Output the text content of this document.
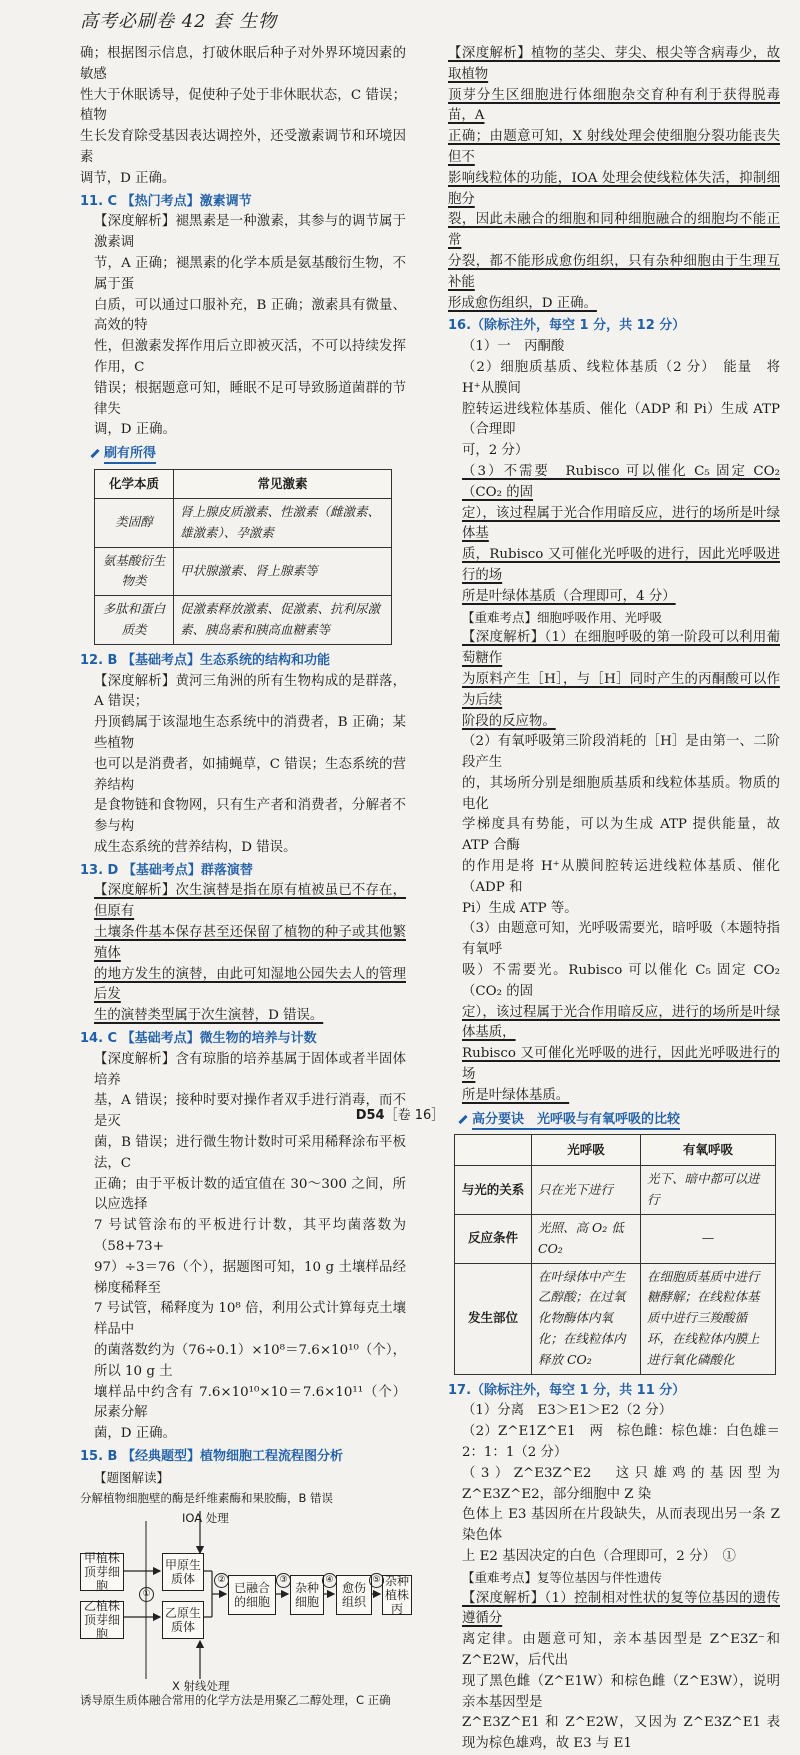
高考必刷卷 42 套 生物

确；根据图示信息，打破休眠后种子对外界环境因素的敏感

性大于休眠诱导，促使种子处于非休眠状态，C 错误；植物

生长发育除受基因表达调控外，还受激素调节和环境因素

调节，D 正确。

11. C 【热门考点】激素调节

【深度解析】褪黑素是一种激素，其参与的调节属于激素调

节，A 正确；褪黑素的化学本质是氨基酸衍生物，不属于蛋

白质，可以通过口服补充，B 正确；激素具有微量、高效的特

性，但激素发挥作用后立即被灭活，不可以持续发挥作用，C

错误；根据题意可知，睡眠不足可导致肠道菌群的节律失

调，D 正确。

刷有所得
化学本质	常见激素
类固醇	肾上腺皮质激素、性激素（雌激素、雄激素）、孕激素
氨基酸衍生物类	甲状腺激素、肾上腺素等
多肽和蛋白质类	促激素释放激素、促激素、抗利尿激素、胰岛素和胰高血糖素等

12. B 【基础考点】生态系统的结构和功能

【深度解析】黄河三角洲的所有生物构成的是群落，A 错误；

丹顶鹤属于该湿地生态系统中的消费者，B 正确；某些植物

也可以是消费者，如捕蝇草，C 错误；生态系统的营养结构

是食物链和食物网，只有生产者和消费者，分解者不参与构

成生态系统的营养结构，D 错误。

13. D 【基础考点】群落演替

【深度解析】次生演替是指在原有植被虽已不存在，但原有

土壤条件基本保存甚至还保留了植物的种子或其他繁殖体

的地方发生的演替，由此可知湿地公园失去人的管理后发

生的演替类型属于次生演替，D 错误。

14. C 【基础考点】微生物的培养与计数

【深度解析】含有琼脂的培养基属于固体或者半固体培养

基，A 错误；接种时要对操作者双手进行消毒，而不是灭

菌，B 错误；进行微生物计数时可采用稀释涂布平板法，C

正确；由于平板计数的适宜值在 30～300 之间，所以应选择

7 号试管涂布的平板进行计数，其平均菌落数为（58+73+

97）÷3＝76（个），据题图可知，10 g 土壤样品经梯度稀释至

7 号试管，稀释度为 10⁸ 倍，利用公式计算每克土壤样品中

的菌落数约为（76÷0.1）×10⁸＝7.6×10¹⁰（个），所以 10 g 土

壤样品中约含有 7.6×10¹⁰×10＝7.6×10¹¹（个）尿素分解

菌，D 正确。

15. B 【经典题型】植物细胞工程流程图分析

【题图解读】

分解植物细胞壁的酶是纤维素酶和果胶酶，B 错误
IOA 处理
甲植株顶芽细胞
甲原生质体
乙植株顶芽细胞
乙原生质体
已融合的细胞
杂种细胞
愈伤组织
杂种植株丙
①
②	③	④	⑤
X 射线处理
诱导原生质体融合常用的化学方法是用聚乙二醇处理，C 正确

【深度解析】植物的茎尖、芽尖、根尖等含病毒少，故取植物

顶芽分生区细胞进行体细胞杂交育种有利于获得脱毒苗，A

正确；由题意可知，X 射线处理会使细胞分裂功能丧失但不

影响线粒体的功能，IOA 处理会使线粒体失活，抑制细胞分

裂，因此未融合的细胞和同种细胞融合的细胞均不能正常

分裂，都不能形成愈伤组织，只有杂种细胞由于生理互补能

形成愈伤组织，D 正确。

16.（除标注外，每空 1 分，共 12 分）

（1）一　丙酮酸

（2）细胞质基质、线粒体基质（2 分）　能量　将 H⁺从膜间

腔转运进线粒体基质、催化（ADP 和 Pi）生成 ATP（合理即

可，2 分）

（3）不需要　Rubisco 可以催化 C₅ 固定 CO₂（CO₂ 的固

定），该过程属于光合作用暗反应，进行的场所是叶绿体基

质，Rubisco 又可催化光呼吸的进行，因此光呼吸进行的场

所是叶绿体基质（合理即可，4 分）

【重难考点】细胞呼吸作用、光呼吸

【深度解析】（1）在细胞呼吸的第一阶段可以利用葡萄糖作

为原料产生［H］，与［H］同时产生的丙酮酸可以作为后续

阶段的反应物。

（2）有氧呼吸第三阶段消耗的［H］是由第一、二阶段产生

的，其场所分别是细胞质基质和线粒体基质。物质的电化

学梯度具有势能，可以为生成 ATP 提供能量，故 ATP 合酶

的作用是将 H⁺从膜间腔转运进线粒体基质、催化（ADP 和

Pi）生成 ATP 等。

（3）由题意可知，光呼吸需要光，暗呼吸（本题特指有氧呼

吸）不需要光。Rubisco 可以催化 C₅ 固定 CO₂（CO₂ 的固

定），该过程属于光合作用暗反应，进行的场所是叶绿体基质，

Rubisco 又可催化光呼吸的进行，因此光呼吸进行的场

所是叶绿体基质。

高分要诀　光呼吸与有氧呼吸的比较
	光呼吸	有氧呼吸
与光的关系	只在光下进行	光下、暗中都可以进行
反应条件	光照、高 O₂ 低 CO₂	—
发生部位	在叶绿体中产生乙醇酸；在过氧化物酶体内氧化；在线粒体内释放 CO₂	在细胞质基质中进行糖酵解；在线粒体基质中进行三羧酸循环，在线粒体内膜上进行氧化磷酸化

17.（除标注外，每空 1 分，共 11 分）

（1）分离　E3＞E1＞E2（2 分）

（2）Z^E1Z^E1　两　棕色雌：棕色雄：白色雄＝2：1：1（2 分）

（3）Z^E3Z^E2　这只雄鸡的基因型为 Z^E3Z^E2，部分细胞中 Z 染

色体上 E3 基因所在片段缺失，从而表现出另一条 Z 染色体

上 E2 基因决定的白色（合理即可，2 分）　①

【重难考点】复等位基因与伴性遗传

【深度解析】（1）控制相对性状的复等位基因的遗传遵循分

离定律。由题意可知，亲本基因型是 Z^E3Z⁻和 Z^E2W，后代出

现了黑色雌（Z^E1W）和棕色雌（Z^E3W），说明亲本基因型是

Z^E3Z^E1 和 Z^E2W，又因为 Z^E3Z^E1 表现为棕色雄鸡，故 E3 与 E1

D54［卷 16］
